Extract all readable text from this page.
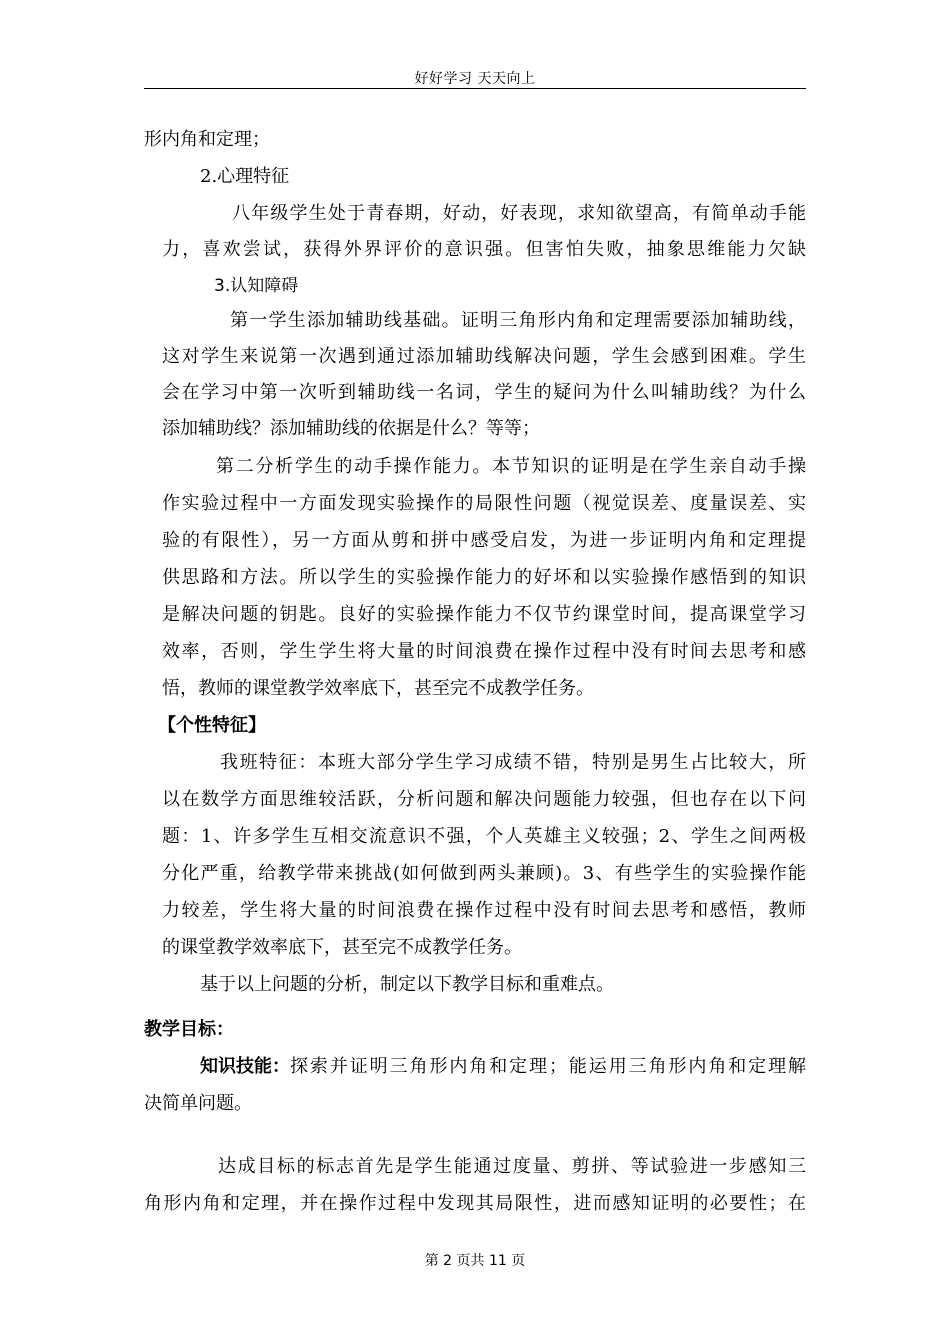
好好学习 天天向上
形内角和定理；
2.心理特征
八年级学生处于青春期，好动，好表现，求知欲望高，有简单动手能
力，喜欢尝试，获得外界评价的意识强。但害怕失败，抽象思维能力欠缺
3.认知障碍
第一学生添加辅助线基础。证明三角形内角和定理需要添加辅助线，
这对学生来说第一次遇到通过添加辅助线解决问题，学生会感到困难。学生
会在学习中第一次听到辅助线一名词，学生的疑问为什么叫辅助线？为什么
添加辅助线？添加辅助线的依据是什么？等等；
第二分析学生的动手操作能力。本节知识的证明是在学生亲自动手操
作实验过程中一方面发现实验操作的局限性问题（视觉误差、度量误差、实
验的有限性），另一方面从剪和拼中感受启发，为进一步证明内角和定理提
供思路和方法。所以学生的实验操作能力的好坏和以实验操作感悟到的知识
是解决问题的钥匙。良好的实验操作能力不仅节约课堂时间，提高课堂学习
效率，否则，学生学生将大量的时间浪费在操作过程中没有时间去思考和感
悟，教师的课堂教学效率底下，甚至完不成教学任务。
【个性特征】
我班特征：本班大部分学生学习成绩不错，特别是男生占比较大，所
以在数学方面思维较活跃，分析问题和解决问题能力较强，但也存在以下问
题：1、许多学生互相交流意识不强，个人英雄主义较强；2、学生之间两极
分化严重，给教学带来挑战(如何做到两头兼顾)。3、有些学生的实验操作能
力较差，学生将大量的时间浪费在操作过程中没有时间去思考和感悟，教师
的课堂教学效率底下，甚至完不成教学任务。
基于以上问题的分析，制定以下教学目标和重难点。
教学目标：
知识技能： 探索并证明三角形内角和定理；能运用三角形内角和定理解
决简单问题。
达成目标的标志首先是学生能通过度量、剪拼、等试验进一步感知三
角形内角和定理，并在操作过程中发现其局限性，进而感知证明的必要性；在
第 2 页共 11 页
